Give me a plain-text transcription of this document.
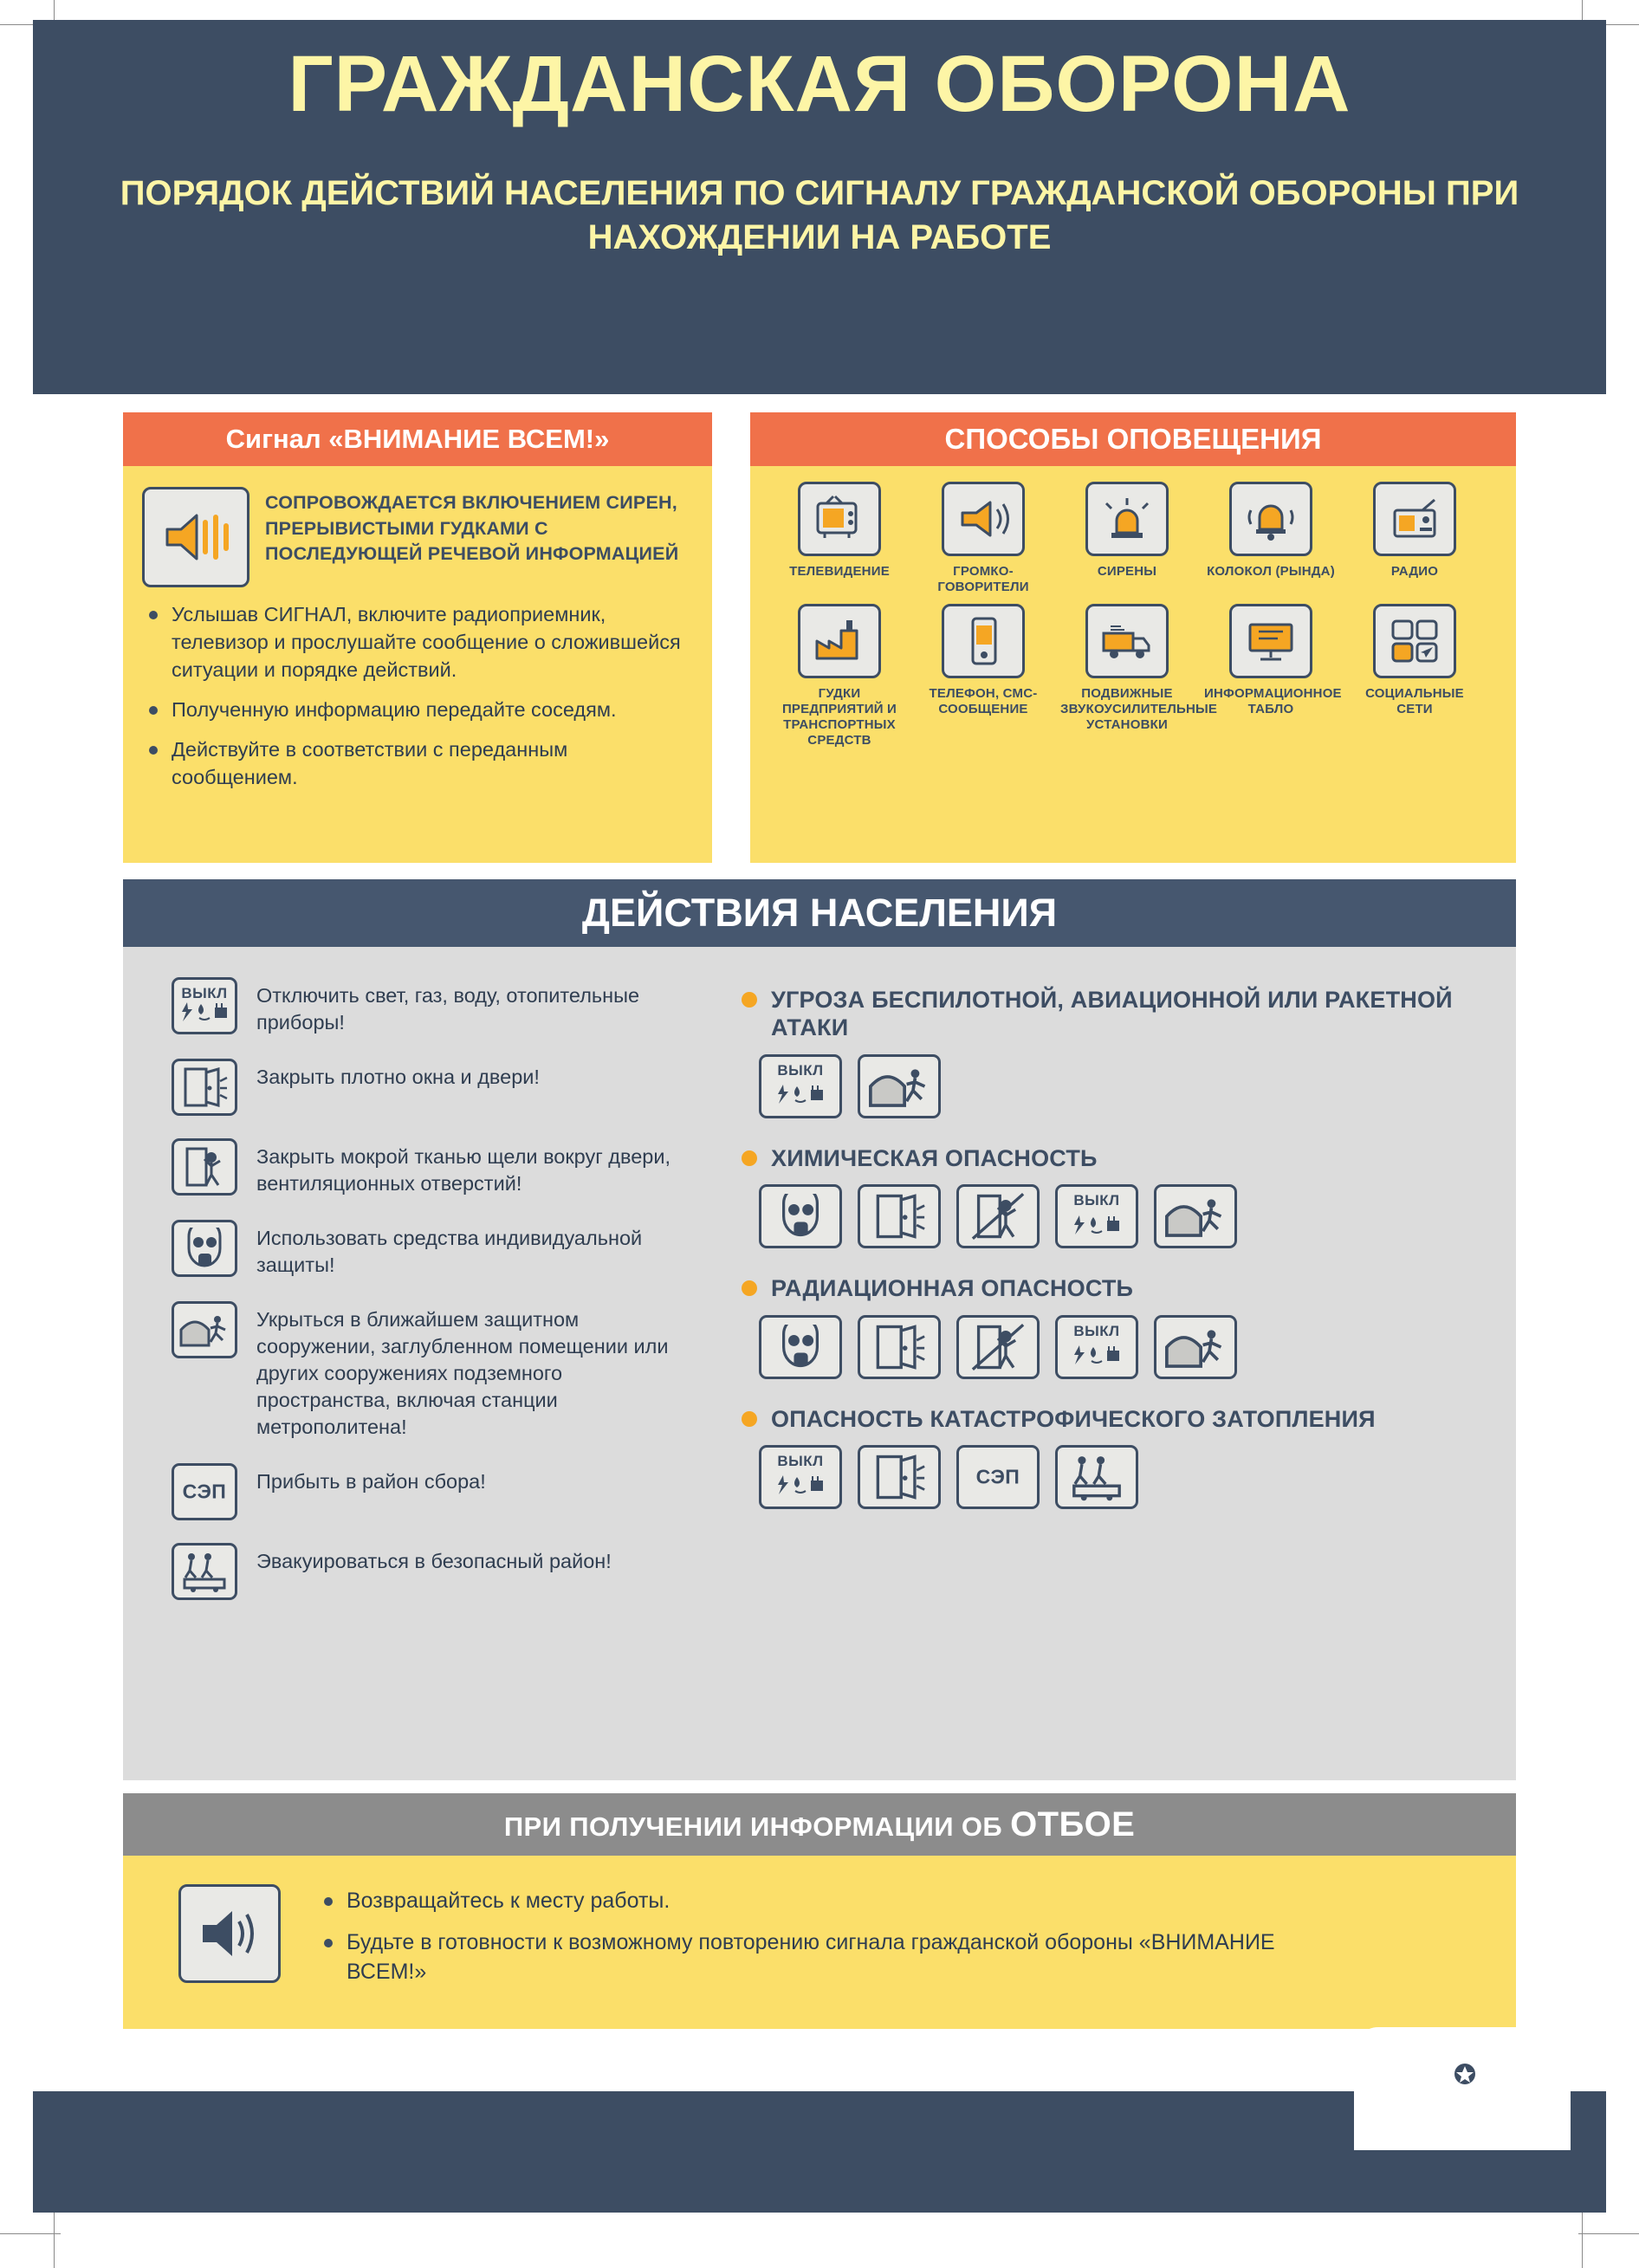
ГРАЖДАНСКАЯ ОБОРОНА
ПОРЯДОК ДЕЙСТВИЙ НАСЕЛЕНИЯ ПО СИГНАЛУ ГРАЖДАНСКОЙ ОБОРОНЫ ПРИ НАХОЖДЕНИИ НА РАБОТЕ
Сигнал «ВНИМАНИЕ ВСЕМ!»
СОПРОВОЖДАЕТСЯ ВКЛЮЧЕНИЕМ СИРЕН, ПРЕРЫВИСТЫМИ ГУДКАМИ С ПОСЛЕДУЮЩЕЙ РЕЧЕВОЙ ИНФОРМАЦИЕЙ
Услышав СИГНАЛ, включите радиоприемник, телевизор и прослушайте сообщение о сложившейся ситуации и порядке действий.
Полученную информацию передайте соседям.
Действуйте в соответствии с переданным сообщением.
СПОСОБЫ ОПОВЕЩЕНИЯ
ТЕЛЕВИДЕНИЕ	ГРОМКО-ГОВОРИТЕЛИ
СИРЕНЫ	КОЛОКОЛ (РЫНДА)	РАДИО
ГУДКИ ПРЕДПРИЯТИЙ И ТРАНСПОРТНЫХ СРЕДСТВ
ТЕЛЕФОН, СМС-СООБЩЕНИЕ
ПОДВИЖНЫЕ ЗВУКОУСИЛИТЕЛЬНЫЕ УСТАНОВКИ
ИНФОРМАЦИОННОЕ ТАБЛО
СОЦИАЛЬНЫЕ СЕТИ
ДЕЙСТВИЯ НАСЕЛЕНИЯ
ВЫКЛ	Отключить свет, газ, воду, отопительные приборы!
Закрыть плотно окна и двери!
Закрыть мокрой тканью щели вокруг двери, вентиляционных отверстий!
Использовать средства индивидуальной защиты!
Укрыться в ближайшем защитном сооружении, заглубленном помещении или других сооружениях подземного пространства, включая станции метрополитена!
СЭП	Прибыть в район сбора!
Эвакуироваться в безопасный район!
УГРОЗА БЕСПИЛОТНОЙ, АВИАЦИОННОЙ ИЛИ РАКЕТНОЙ АТАКИ
ВЫКЛ
ХИМИЧЕСКАЯ ОПАСНОСТЬ
ВЫКЛ
РАДИАЦИОННАЯ ОПАСНОСТЬ
ВЫКЛ
ОПАСНОСТЬ КАТАСТРОФИЧЕСКОГО ЗАТОПЛЕНИЯ
ВЫКЛ
СЭП
ПРИ ПОЛУЧЕНИИ ИНФОРМАЦИИ ОБ ОТБОЕ
Возвращайтесь к месту работы.
Будьте в готовности к возможному повторению сигнала гражданской обороны «ВНИМАНИЕ ВСЕМ!»
МЧС России
